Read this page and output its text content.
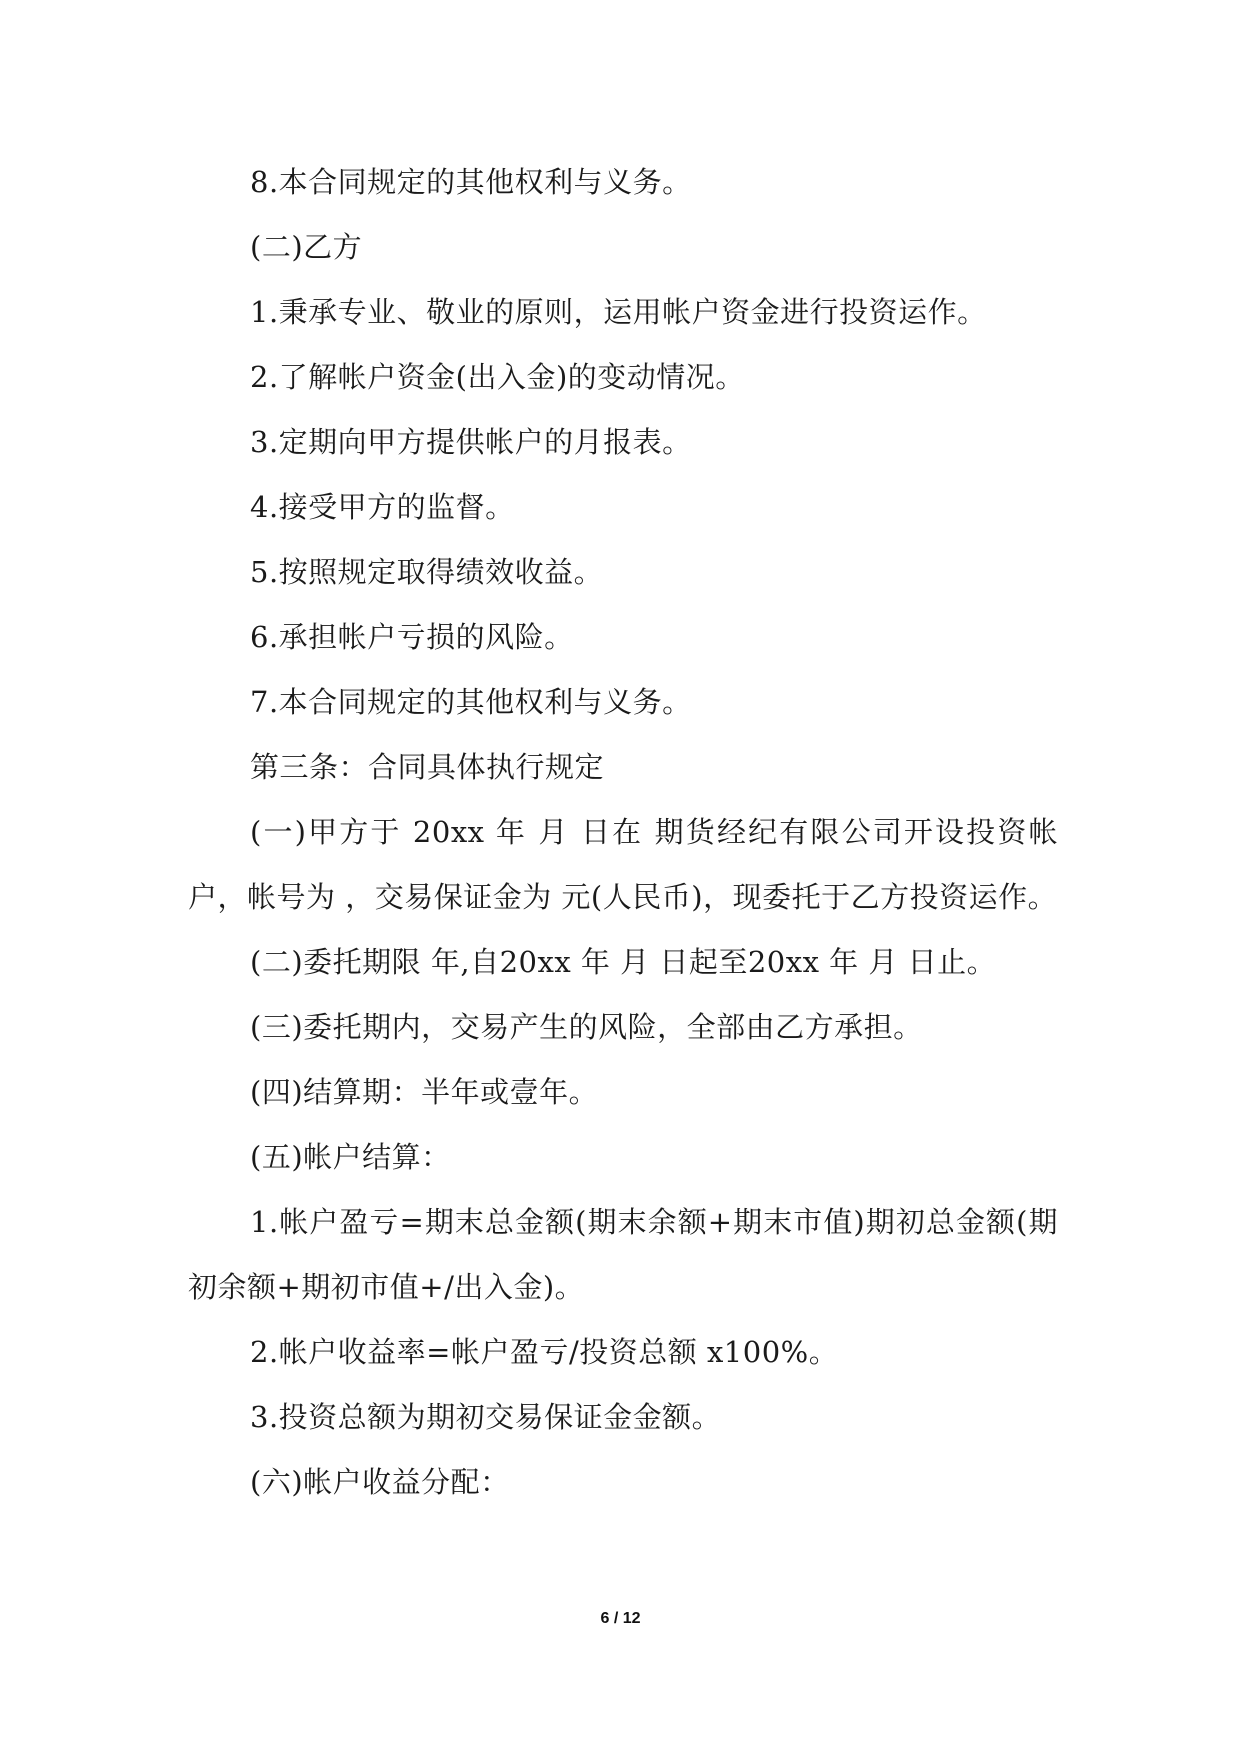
8.本合同规定的其他权利与义务。

(二)乙方

1.秉承专业、敬业的原则，运用帐户资金进行投资运作。

2.了解帐户资金(出入金)的变动情况。

3.定期向甲方提供帐户的月报表。

4.接受甲方的监督。

5.按照规定取得绩效收益。

6.承担帐户亏损的风险。

7.本合同规定的其他权利与义务。

第三条：合同具体执行规定

(一)甲方于 20xx 年 月 日在 期货经纪有限公司开设投资帐户，帐号为 ，交易保证金为 元(人民币)，现委托于乙方投资运作。

(二)委托期限 年,自20xx 年 月 日起至20xx 年 月 日止。

(三)委托期内，交易产生的风险，全部由乙方承担。

(四)结算期：半年或壹年。

(五)帐户结算：

1.帐户盈亏=期末总金额(期末余额+期末市值)期初总金额(期初余额+期初市值+/出入金)。

2.帐户收益率=帐户盈亏/投资总额 x100%。

3.投资总额为期初交易保证金金额。

(六)帐户收益分配：

6 / 12
